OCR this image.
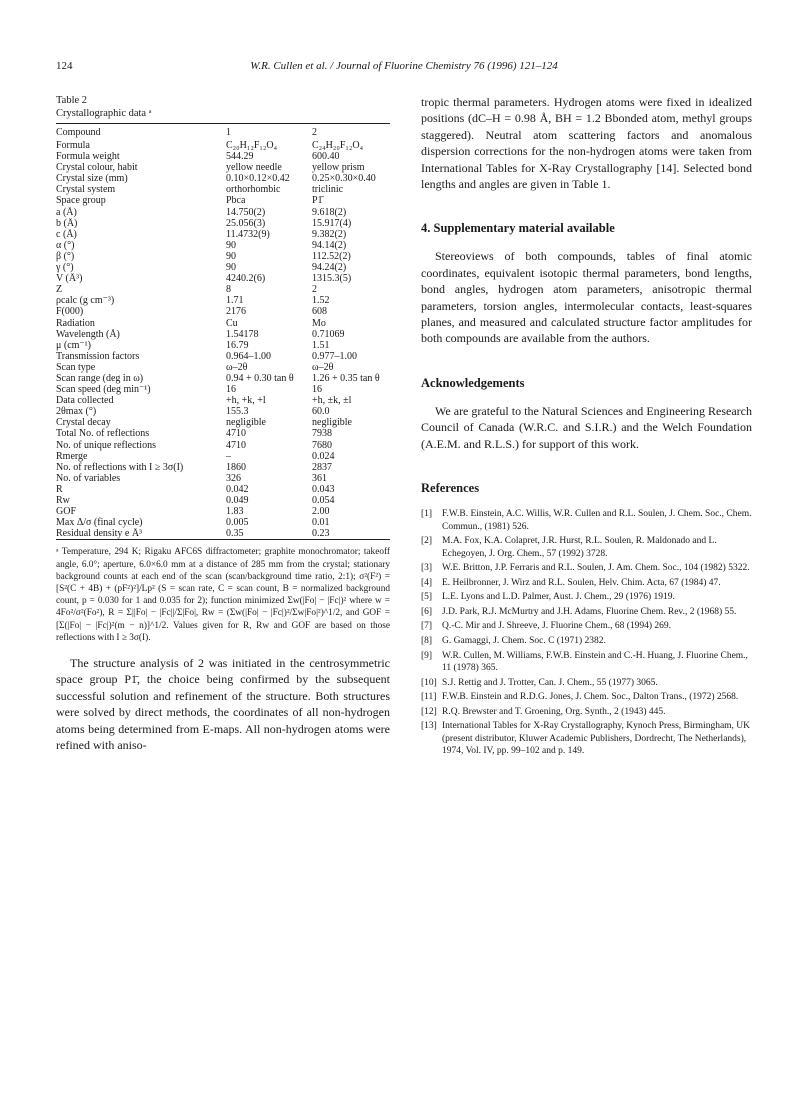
124	W.R. Cullen et al. / Journal of Fluorine Chemistry 76 (1996) 121–124
Table 2
Crystallographic data ᵃ
Compound	1	2
Formula	C₂₀H₁₂F₁₂O₄	C₂₄H₂₀F₁₂O₄
Formula weight	544.29	600.40
Crystal colour, habit	yellow needle	yellow prism
Crystal size (mm)	0.10×0.12×0.42	0.25×0.30×0.40
Crystal system	orthorhombic	triclinic
Space group	Pbca	P1̄
a (Å)	14.750(2)	9.618(2)
b (Å)	25.056(3)	15.917(4)
c (Å)	11.4732(9)	9.382(2)
α (°)	90	94.14(2)
β (°)	90	112.52(2)
γ (°)	90	94.24(2)
V (Å³)	4240.2(6)	1315.3(5)
Z	8	2
ρcalc (g cm⁻³)	1.71	1.52
F(000)	2176	608
Radiation	Cu	Mo
Wavelength (Å)	1.54178	0.71069
μ (cm⁻¹)	16.79	1.51
Transmission factors	0.964–1.00	0.977–1.00
Scan type	ω–2θ	ω–2θ
Scan range (deg in ω)	0.94 + 0.30 tan θ	1.26 + 0.35 tan θ
Scan speed (deg min⁻¹)	16	16
Data collected	+h, +k, +l	+h, ±k, ±l
2θmax (°)	155.3	60.0
Crystal decay	negligible	negligible
Total No. of reflections	4710	7938
No. of unique reflections	4710	7680
Rmerge	–	0.024
No. of reflections with I ≥ 3σ(I)	1860	2837
No. of variables	326	361
R	0.042	0.043
Rw	0.049	0.054
GOF	1.83	2.00
Max Δ/σ (final cycle)	0.005	0.01
Residual density e Å³	0.35	0.23
ᵃ Temperature, 294 K; Rigaku AFC6S diffractometer; graphite monochromator; takeoff angle, 6.0°; aperture, 6.0×6.0 mm at a distance of 285 mm from the crystal; stationary background counts at each end of the scan (scan/background time ratio, 2:1); σ²(F²) = [S²(C + 4B) + (pF²)²]/Lp² (S = scan rate, C = scan count, B = normalized background count, p = 0.030 for 1 and 0.035 for 2); function minimized Σw(|Fo| − |Fc|)² where w = 4Fo²/σ²(Fo²), R = Σ||Fo| − |Fc||/Σ|Fo|, Rw = (Σw(|Fo| − |Fc|)²/Σw|Fo|²)^1/2, and GOF = [Σ(|Fo| − |Fc|)²(m − n)]^1/2. Values given for R, Rw and GOF are based on those reflections with I ≥ 3σ(I).

The structure analysis of 2 was initiated in the centrosymmetric space group P1̄, the choice being confirmed by the subsequent successful solution and refinement of the structure. Both structures were solved by direct methods, the coordinates of all non-hydrogen atoms being determined from E-maps. All non-hydrogen atoms were refined with aniso-

tropic thermal parameters. Hydrogen atoms were fixed in idealized positions (dC–H = 0.98 Å, BH = 1.2 Bbonded atom, methyl groups staggered). Neutral atom scattering factors and anomalous dispersion corrections for the non-hydrogen atoms were taken from International Tables for X-Ray Crystallography [14]. Selected bond lengths and angles are given in Table 1.

4. Supplementary material available

Stereoviews of both compounds, tables of final atomic coordinates, equivalent isotopic thermal parameters, bond lengths, bond angles, hydrogen atom parameters, anisotropic thermal parameters, torsion angles, intermolecular contacts, least-squares planes, and measured and calculated structure factor amplitudes for both compounds are available from the authors.

Acknowledgements

We are grateful to the Natural Sciences and Engineering Research Council of Canada (W.R.C. and S.I.R.) and the Welch Foundation (A.E.M. and R.L.S.) for support of this work.

References
[1] F.W.B. Einstein, A.C. Willis, W.R. Cullen and R.L. Soulen, J. Chem. Soc., Chem. Commun., (1981) 526.
[2] M.A. Fox, K.A. Colapret, J.R. Hurst, R.L. Soulen, R. Maldonado and L. Echegoyen, J. Org. Chem., 57 (1992) 3728.
[3] W.E. Britton, J.P. Ferraris and R.L. Soulen, J. Am. Chem. Soc., 104 (1982) 5322.
[4] E. Heilbronner, J. Wirz and R.L. Soulen, Helv. Chim. Acta, 67 (1984) 47.
[5] L.E. Lyons and L.D. Palmer, Aust. J. Chem., 29 (1976) 1919.
[6] J.D. Park, R.J. McMurtry and J.H. Adams, Fluorine Chem. Rev., 2 (1968) 55.
[7] Q.-C. Mir and J. Shreeve, J. Fluorine Chem., 68 (1994) 269.
[8] G. Gamaggi, J. Chem. Soc. C (1971) 2382.
[9] W.R. Cullen, M. Williams, F.W.B. Einstein and C.-H. Huang, J. Fluorine Chem., 11 (1978) 365.
[10] S.J. Rettig and J. Trotter, Can. J. Chem., 55 (1977) 3065.
[11] F.W.B. Einstein and R.D.G. Jones, J. Chem. Soc., Dalton Trans., (1972) 2568.
[12] R.Q. Brewster and T. Groening, Org. Synth., 2 (1943) 445.
[13] International Tables for X-Ray Crystallography, Kynoch Press, Birmingham, UK (present distributor, Kluwer Academic Publishers, Dordrecht, The Netherlands), 1974, Vol. IV, pp. 99–102 and p. 149.
